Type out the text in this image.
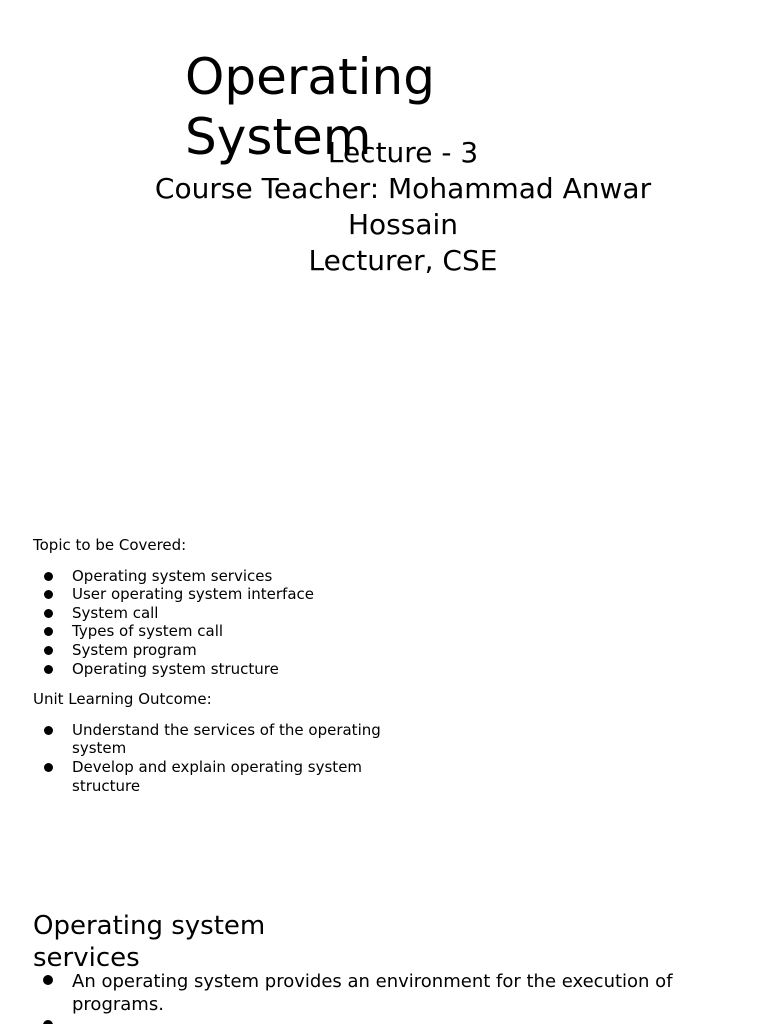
Operating System
Lecture - 3
Course Teacher: Mohammad Anwar
Hossain
Lecturer, CSE
Topic to be Covered:
Operating system services
User operating system interface
System call
Types of system call
System program
Operating system structure
Unit Learning Outcome:
Understand the services of the operating system
Develop and explain operating system structure
Operating system services
An operating system provides an environment for the execution of programs.
